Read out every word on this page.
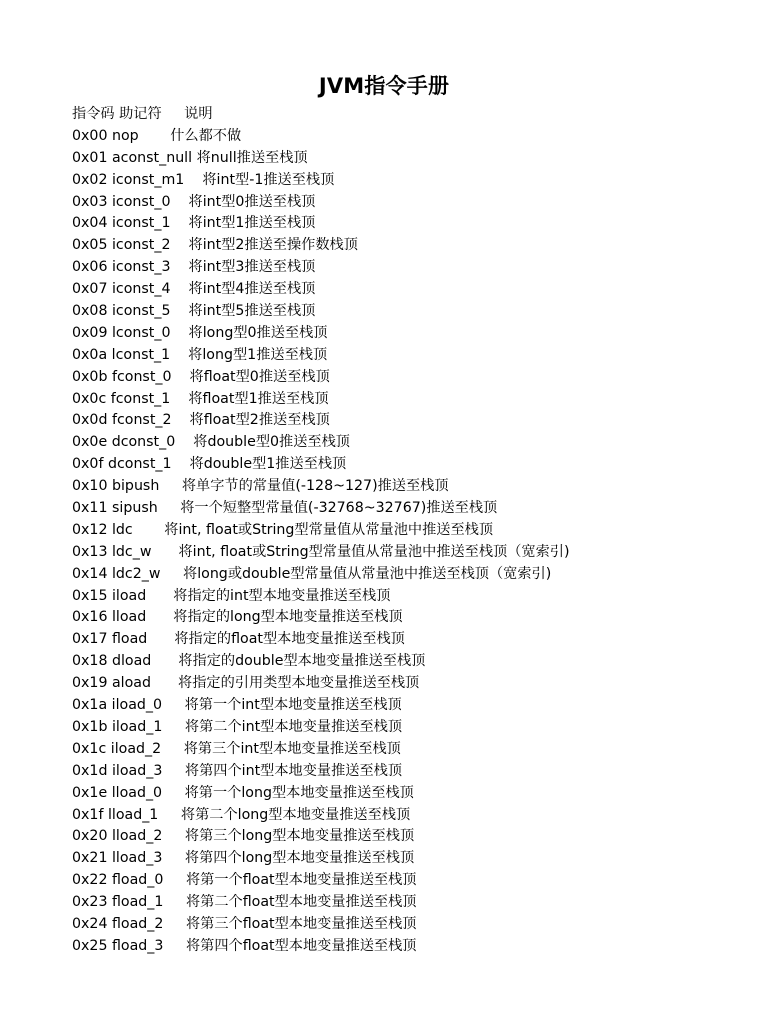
JVM指令手册
指令码 助记符     说明
0x00 nop       什么都不做
0x01 aconst_null 将null推送至栈顶
0x02 iconst_m1    将int型-1推送至栈顶
0x03 iconst_0    将int型0推送至栈顶
0x04 iconst_1    将int型1推送至栈顶
0x05 iconst_2    将int型2推送至操作数栈顶
0x06 iconst_3    将int型3推送至栈顶
0x07 iconst_4    将int型4推送至栈顶
0x08 iconst_5    将int型5推送至栈顶
0x09 lconst_0    将long型0推送至栈顶
0x0a lconst_1    将long型1推送至栈顶
0x0b fconst_0    将float型0推送至栈顶
0x0c fconst_1    将float型1推送至栈顶
0x0d fconst_2    将float型2推送至栈顶
0x0e dconst_0    将double型0推送至栈顶
0x0f dconst_1    将double型1推送至栈顶
0x10 bipush     将单字节的常量值(-128~127)推送至栈顶
0x11 sipush     将一个短整型常量值(-32768~32767)推送至栈顶
0x12 ldc       将int, float或String型常量值从常量池中推送至栈顶
0x13 ldc_w      将int, float或String型常量值从常量池中推送至栈顶（宽索引)
0x14 ldc2_w     将long或double型常量值从常量池中推送至栈顶（宽索引)
0x15 iload      将指定的int型本地变量推送至栈顶
0x16 lload      将指定的long型本地变量推送至栈顶
0x17 fload      将指定的float型本地变量推送至栈顶
0x18 dload      将指定的double型本地变量推送至栈顶
0x19 aload      将指定的引用类型本地变量推送至栈顶
0x1a iload_0     将第一个int型本地变量推送至栈顶
0x1b iload_1     将第二个int型本地变量推送至栈顶
0x1c iload_2     将第三个int型本地变量推送至栈顶
0x1d iload_3     将第四个int型本地变量推送至栈顶
0x1e lload_0     将第一个long型本地变量推送至栈顶
0x1f lload_1     将第二个long型本地变量推送至栈顶
0x20 lload_2     将第三个long型本地变量推送至栈顶
0x21 lload_3     将第四个long型本地变量推送至栈顶
0x22 fload_0     将第一个float型本地变量推送至栈顶
0x23 fload_1     将第二个float型本地变量推送至栈顶
0x24 fload_2     将第三个float型本地变量推送至栈顶
0x25 fload_3     将第四个float型本地变量推送至栈顶
